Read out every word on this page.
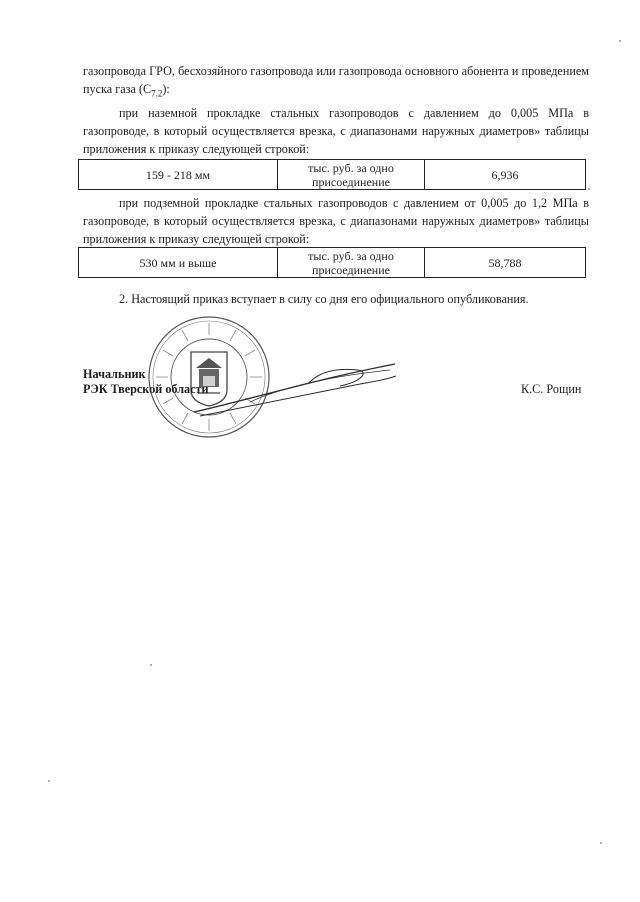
газопровода ГРО, бесхозяйного газопровода или газопровода основного абонента и проведением пуска газа $(С_{7.2})$:

при наземной прокладке стальных газопроводов с давлением до 0,005 МПа в газопроводе, в который осуществляется врезка, с диапазонами наружных диаметров» таблицы приложения к приказу следующей строкой:

159 - 218 мм	тыс. руб. за одно присоединение	6,936

при подземной прокладке стальных газопроводов с давлением от 0,005 до 1,2 МПа в газопроводе, в который осуществляется врезка, с диапазонами наружных диаметров» таблицы приложения к приказу следующей строкой:

530 мм и выше	тыс. руб. за одно присоединение	58,788

2. Настоящий приказ вступает в силу со дня его официального опубликования.

Начальник
РЭК Тверской области	К.С. Рощин
